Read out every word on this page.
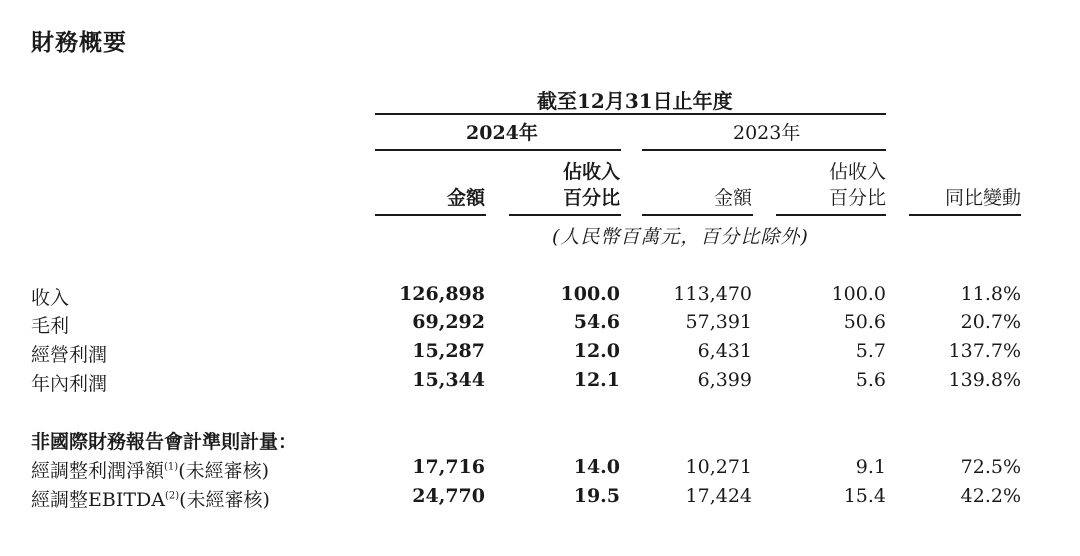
財務概要
截至12月31日止年度
2024年	2023年
金額
佔收入
百分比	金額
佔收入
百分比	同比變動
(人民幣百萬元，百分比除外)
收入	126,898	100.0	113,470	100.0	11.8%
毛利	69,292	54.6	57,391	50.6	20.7%
經營利潤	15,287	12.0	6,431	5.7	137.7%
年內利潤	15,344	12.1	6,399	5.6	139.8%
非國際財務報告會計準則計量：
經調整利潤淨額$^{(1)}$(未經審核)	17,716	14.0	10,271	9.1	72.5%
經調整EBITDA$^{(2)}$(未經審核)	24,770	19.5	17,424	15.4	42.2%
